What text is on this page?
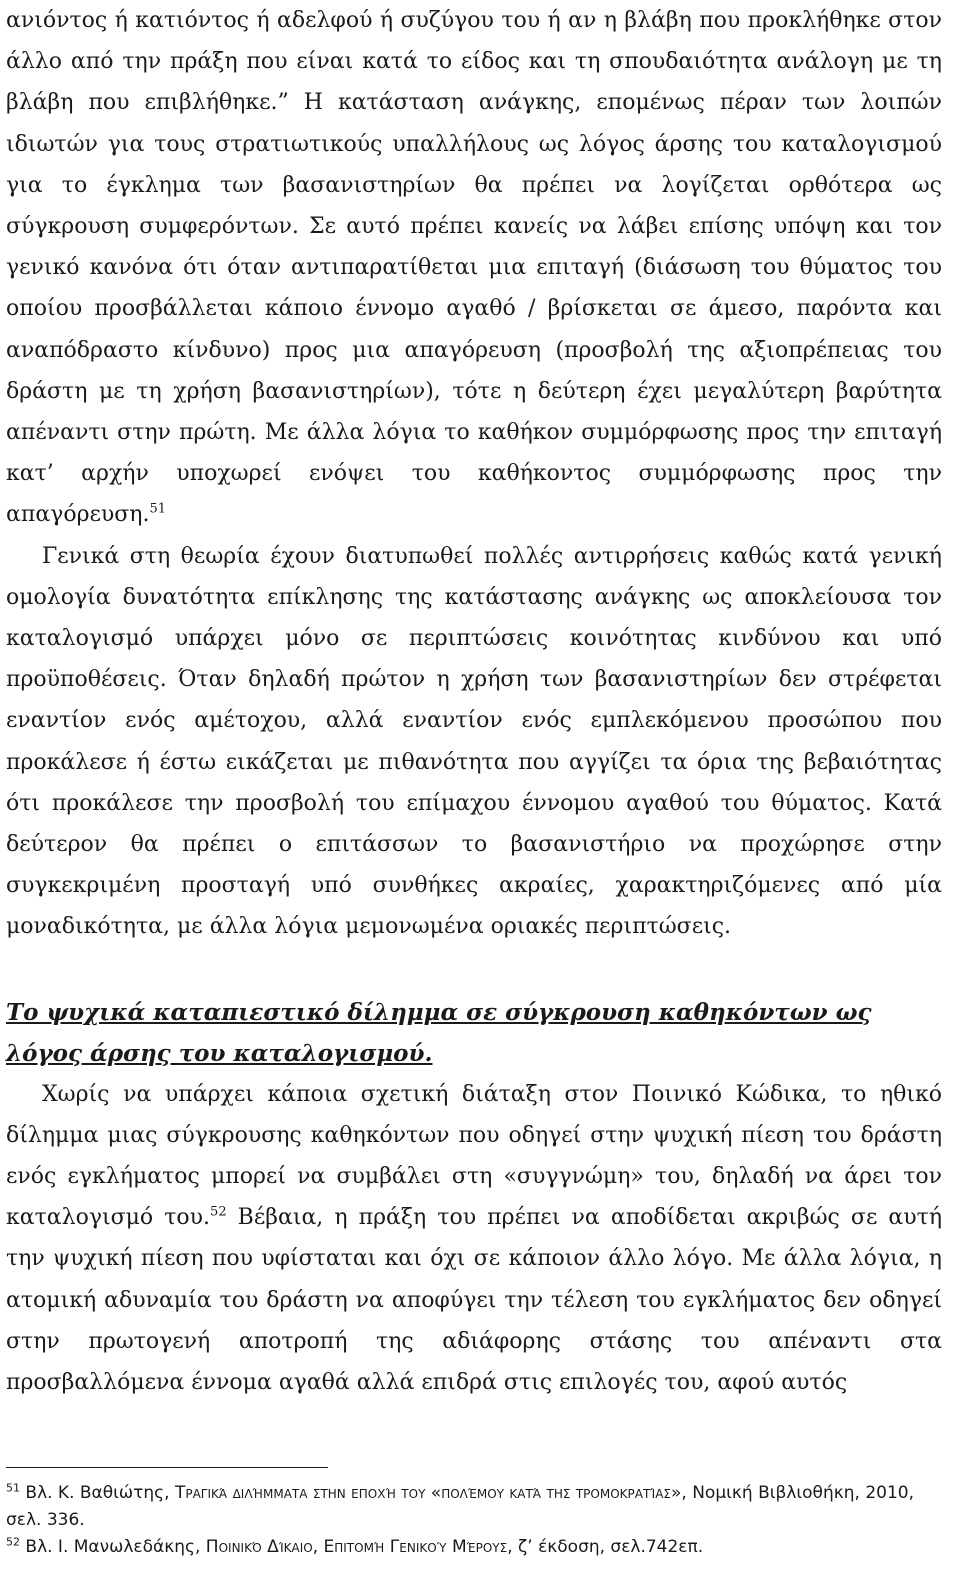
ανιόντος ή κατιόντος ή αδελφού ή συζύγου του ή αν η βλάβη που προκλήθηκε στον άλλο από την πράξη που είναι κατά το είδος και τη σπουδαιότητα ανάλογη με τη βλάβη που επιβλήθηκε.” Η κατάσταση ανάγκης, επομένως πέραν των λοιπών ιδιωτών για τους στρατιωτικούς υπαλλήλους ως λόγος άρσης του καταλογισμού για το έγκλημα των βασανιστηρίων θα πρέπει να λογίζεται ορθότερα ως σύγκρουση συμφερόντων. Σε αυτό πρέπει κανείς να λάβει επίσης υπόψη και τον γενικό κανόνα ότι όταν αντιπαρατίθεται μια επιταγή (διάσωση του θύματος του οποίου προσβάλλεται κάποιο έννομο αγαθό / βρίσκεται σε άμεσο, παρόντα και αναπόδραστο κίνδυνο) προς μια απαγόρευση (προσβολή της αξιοπρέπειας του δράστη με τη χρήση βασανιστηρίων), τότε η δεύτερη έχει μεγαλύτερη βαρύτητα απέναντι στην πρώτη. Με άλλα λόγια το καθήκον συμμόρφωσης προς την επιταγή κατ’ αρχήν υποχωρεί ενόψει του καθήκοντος συμμόρφωσης προς την απαγόρευση.$^{51}$

Γενικά στη θεωρία έχουν διατυπωθεί πολλές αντιρρήσεις καθώς κατά γενική ομολογία δυνατότητα επίκλησης της κατάστασης ανάγκης ως αποκλείουσα τον καταλογισμό υπάρχει μόνο σε περιπτώσεις κοινότητας κινδύνου και υπό προϋποθέσεις. Όταν δηλαδή πρώτον η χρήση των βασανιστηρίων δεν στρέφεται εναντίον ενός αμέτοχου, αλλά εναντίον ενός εμπλεκόμενου προσώπου που προκάλεσε ή έστω εικάζεται με πιθανότητα που αγγίζει τα όρια της βεβαιότητας ότι προκάλεσε την προσβολή του επίμαχου έννομου αγαθού του θύματος. Κατά δεύτερον θα πρέπει ο επιτάσσων το βασανιστήριο να προχώρησε στην συγκεκριμένη προσταγή υπό συνθήκες ακραίες, χαρακτηριζόμενες από μία μοναδικότητα, με άλλα λόγια μεμονωμένα οριακές περιπτώσεις.

Το ψυχικά καταπιεστικό δίλημμα σε σύγκρουση καθηκόντων ως λόγος άρσης του καταλογισμού.

Χωρίς να υπάρχει κάποια σχετική διάταξη στον Ποινικό Κώδικα, το ηθικό δίλημμα μιας σύγκρουσης καθηκόντων που οδηγεί στην ψυχική πίεση του δράστη ενός εγκλήματος μπορεί να συμβάλει στη «συγγνώμη» του, δηλαδή να άρει τον καταλογισμό του.$^{52}$ Βέβαια, η πράξη του πρέπει να αποδίδεται ακριβώς σε αυτή την ψυχική πίεση που υφίσταται και όχι σε κάποιον άλλο λόγο. Με άλλα λόγια, η ατομική αδυναμία του δράστη να αποφύγει την τέλεση του εγκλήματος δεν οδηγεί στην πρωτογενή αποτροπή της αδιάφορης στάσης του απέναντι στα προσβαλλόμενα έννομα αγαθά αλλά επιδρά στις επιλογές του, αφού αυτός

$^{51}$ Βλ. Κ. Βαθιώτης, Τραγικά διλήμματα στην εποχή του «πολέμου κατά της τρομοκρατίας», Νομική Βιβλιοθήκη, 2010, σελ. 336.

$^{52}$ Βλ. Ι. Μανωλεδάκης, Ποινικό Δίκαιο, Επιτομή Γενικού Μέρους, ζ’ έκδοση, σελ.742επ.
